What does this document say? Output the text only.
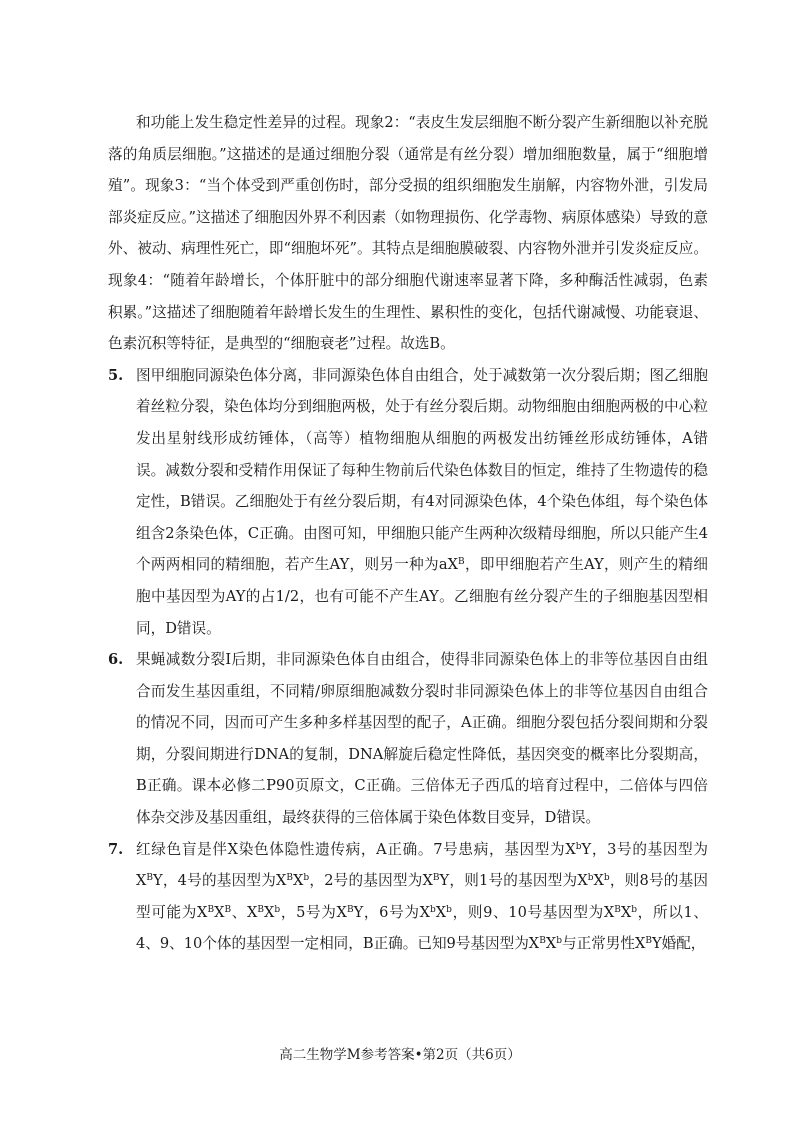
和功能上发生稳定性差异的过程。现象2：“表皮生发层细胞不断分裂产生新细胞以补充脱落的角质层细胞。”这描述的是通过细胞分裂（通常是有丝分裂）增加细胞数量，属于“细胞增殖”。现象3：“当个体受到严重创伤时，部分受损的组织细胞发生崩解，内容物外泄，引发局部炎症反应。”这描述了细胞因外界不利因素（如物理损伤、化学毒物、病原体感染）导致的意外、被动、病理性死亡，即“细胞坏死”。其特点是细胞膜破裂、内容物外泄并引发炎症反应。现象4：“随着年龄增长，个体肝脏中的部分细胞代谢速率显著下降，多种酶活性减弱，色素积累。”这描述了细胞随着年龄增长发生的生理性、累积性的变化，包括代谢减慢、功能衰退、色素沉积等特征，是典型的“细胞衰老”过程。故选B。

5. 图甲细胞同源染色体分离，非同源染色体自由组合，处于减数第一次分裂后期；图乙细胞着丝粒分裂，染色体均分到细胞两极，处于有丝分裂后期。动物细胞由细胞两极的中心粒发出星射线形成纺锤体，（高等）植物细胞从细胞的两极发出纺锤丝形成纺锤体，A错误。减数分裂和受精作用保证了每种生物前后代染色体数目的恒定，维持了生物遗传的稳定性，B错误。乙细胞处于有丝分裂后期，有4对同源染色体，4个染色体组，每个染色体组含2条染色体，C正确。由图可知，甲细胞只能产生两种次级精母细胞，所以只能产生4个两两相同的精细胞，若产生AY，则另一种为$aX^B$，即甲细胞若产生AY，则产生的精细胞中基因型为AY的占1/2，也有可能不产生AY。乙细胞有丝分裂产生的子细胞基因型相同，D错误。

6. 果蝇减数分裂Ⅰ后期，非同源染色体自由组合，使得非同源染色体上的非等位基因自由组合而发生基因重组，不同精/卵原细胞减数分裂时非同源染色体上的非等位基因自由组合的情况不同，因而可产生多种多样基因型的配子，A正确。细胞分裂包括分裂间期和分裂期，分裂间期进行DNA的复制，DNA解旋后稳定性降低，基因突变的概率比分裂期高，B正确。课本必修二P90页原文，C正确。三倍体无子西瓜的培育过程中，二倍体与四倍体杂交涉及基因重组，最终获得的三倍体属于染色体数目变异，D错误。

7. 红绿色盲是伴X染色体隐性遗传病，A正确。7号患病，基因型为$X^bY$，3号的基因型为$X^BY$，4号的基因型为$X^BX^b$，2号的基因型为$X^BY$，则1号的基因型为$X^bX^b$，则8号的基因型可能为$X^BX^B$、$X^BX^b$，5号为$X^BY$，6号为$X^bX^b$，则9、10号基因型为$X^BX^b$，所以1、4、9、10个体的基因型一定相同，B正确。已知9号基因型为$X^BX^b$与正常男性$X^BY$婚配，

高二生物学M参考答案•第2页（共6页）
